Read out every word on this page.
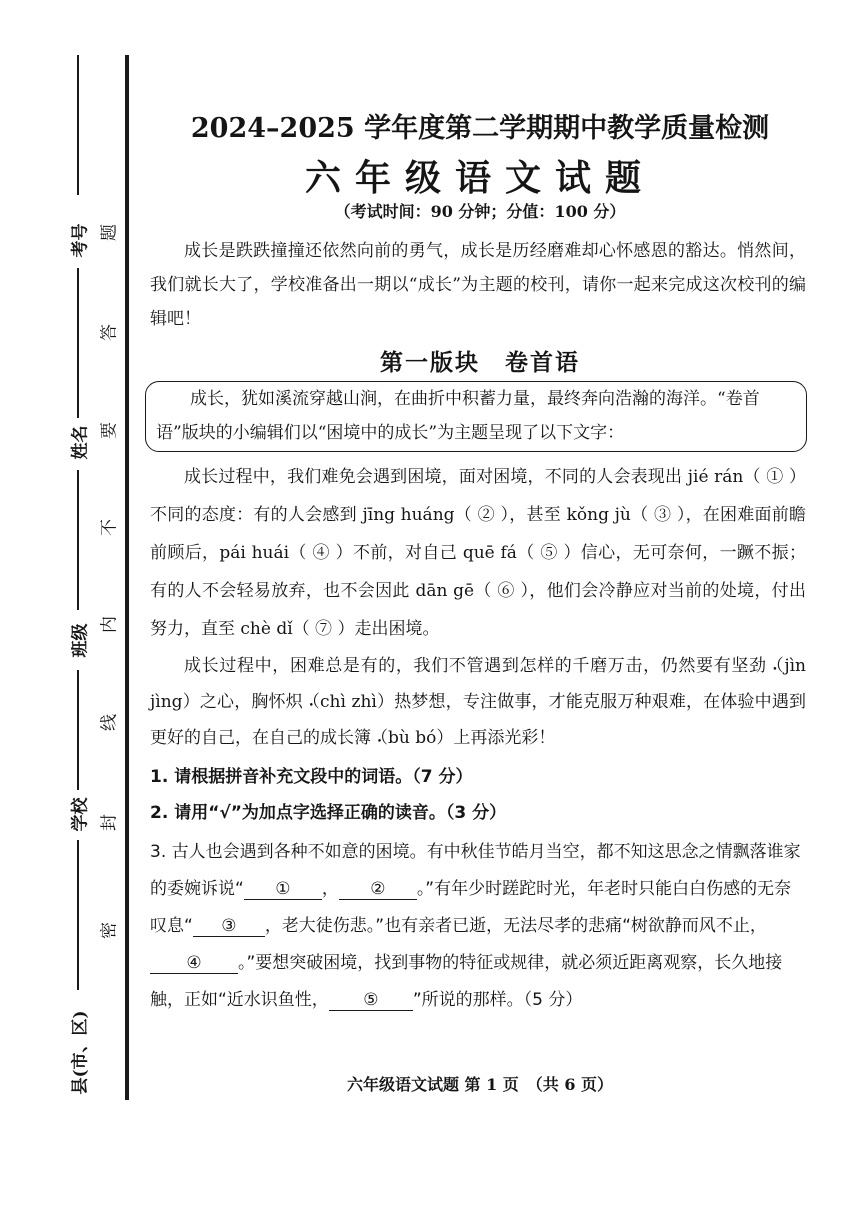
考号
姓名
班级
学校
县(市、区)
题
答
要
不
内
线
封
密
2024–2025 学年度第二学期期中教学质量检测
六年级语文试题
（考试时间：90 分钟；分值：100 分）

成长是跌跌撞撞还依然向前的勇气，成长是历经磨难却心怀感恩的豁达。悄然间，我们就长大了，学校准备出一期以“成长”为主题的校刊，请你一起来完成这次校刊的编辑吧！

第一版块　卷首语

成长，犹如溪流穿越山涧，在曲折中积蓄力量，最终奔向浩瀚的海洋。“卷首语”版块的小编辑们以“困境中的成长”为主题呈现了以下文字：

成长过程中，我们难免会遇到困境，面对困境，不同的人会表现出 jié rán（ ① ）不同的态度：有的人会感到 jīng huáng（ ② ），甚至 kǒng jù（ ③ ），在困难面前瞻前顾后，pái huái（ ④ ）不前，对自己 quē fá（ ⑤ ）信心，无可奈何，一蹶不振；有的人不会轻易放弃，也不会因此 dān gē（ ⑥ ），他们会冷静应对当前的处境，付出努力，直至 chè dǐ（ ⑦ ）走出困境。

成长过程中，困难总是有的，我们不管遇到怎样的千磨万击，仍然要有坚劲 •（jìn jìng）之心，胸怀炽 •（chì zhì）热梦想，专注做事，才能克服万种艰难，在体验中遇到更好的自己，在自己的成长簿 •（bù bó）上再添光彩！

1. 请根据拼音补充文段中的词语。（7 分）

2. 请用“√”为加点字选择正确的读音。（3 分）

3. 古人也会遇到各种不如意的困境。有中秋佳节皓月当空，都不知这思念之情飘落谁家的委婉诉说“ ① ， ② 。”有年少时蹉跎时光，年老时只能白白伤感的无奈叹息“ ③ ，老大徒伤悲。”也有亲者已逝，无法尽孝的悲痛“树欲静而风不止，④ 。”要想突破困境，找到事物的特征或规律，就必须近距离观察，长久地接触，正如“近水识鱼性， ⑤ ”所说的那样。（5 分）

六年级语文试题 第 1 页　（共 6 页）
